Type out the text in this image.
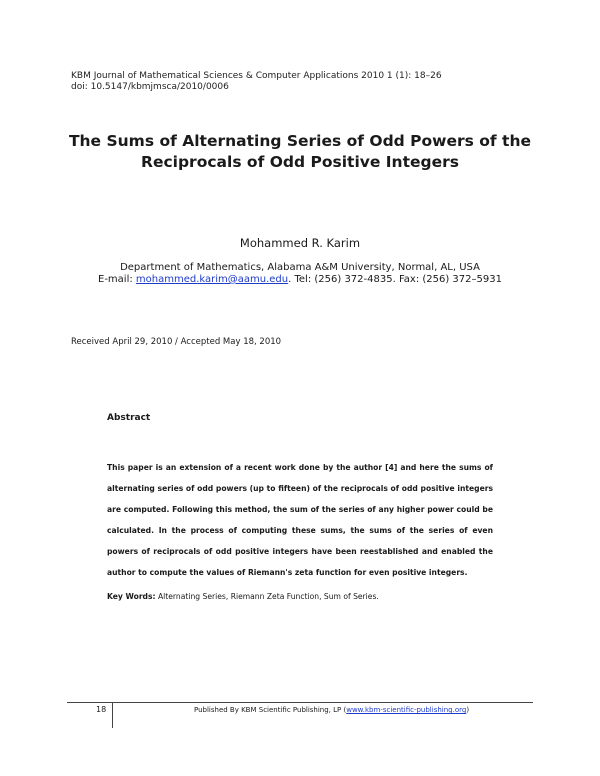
KBM Journal of Mathematical Sciences & Computer Applications 2010 1 (1): 18–26
doi: 10.5147/kbmjmsca/2010/0006
The Sums of Alternating Series of Odd Powers of the
Reciprocals of Odd Positive Integers
Mohammed R. Karim
Department of Mathematics, Alabama A&M University, Normal, AL, USA
E-mail: mohammed.karim@aamu.edu. Tel: (256) 372-4835. Fax: (256) 372–5931
Received April 29, 2010 / Accepted May 18, 2010
Abstract
This paper is an extension of a recent work done by the author [4] and here the sums of alternating series of odd powers (up to fifteen) of the reciprocals of odd positive integers are computed. Following this method, the sum of the series of any higher power could be calculated. In the process of computing these sums, the sums of the series of even powers of reciprocals of odd positive integers have been reestablished and enabled the author to compute the values of Riemann's zeta function for even positive integers.
Key Words: Alternating Series, Riemann Zeta Function, Sum of Series.
18	Published By KBM Scientific Publishing, LP (www.kbm-scientific-publishing.org)
